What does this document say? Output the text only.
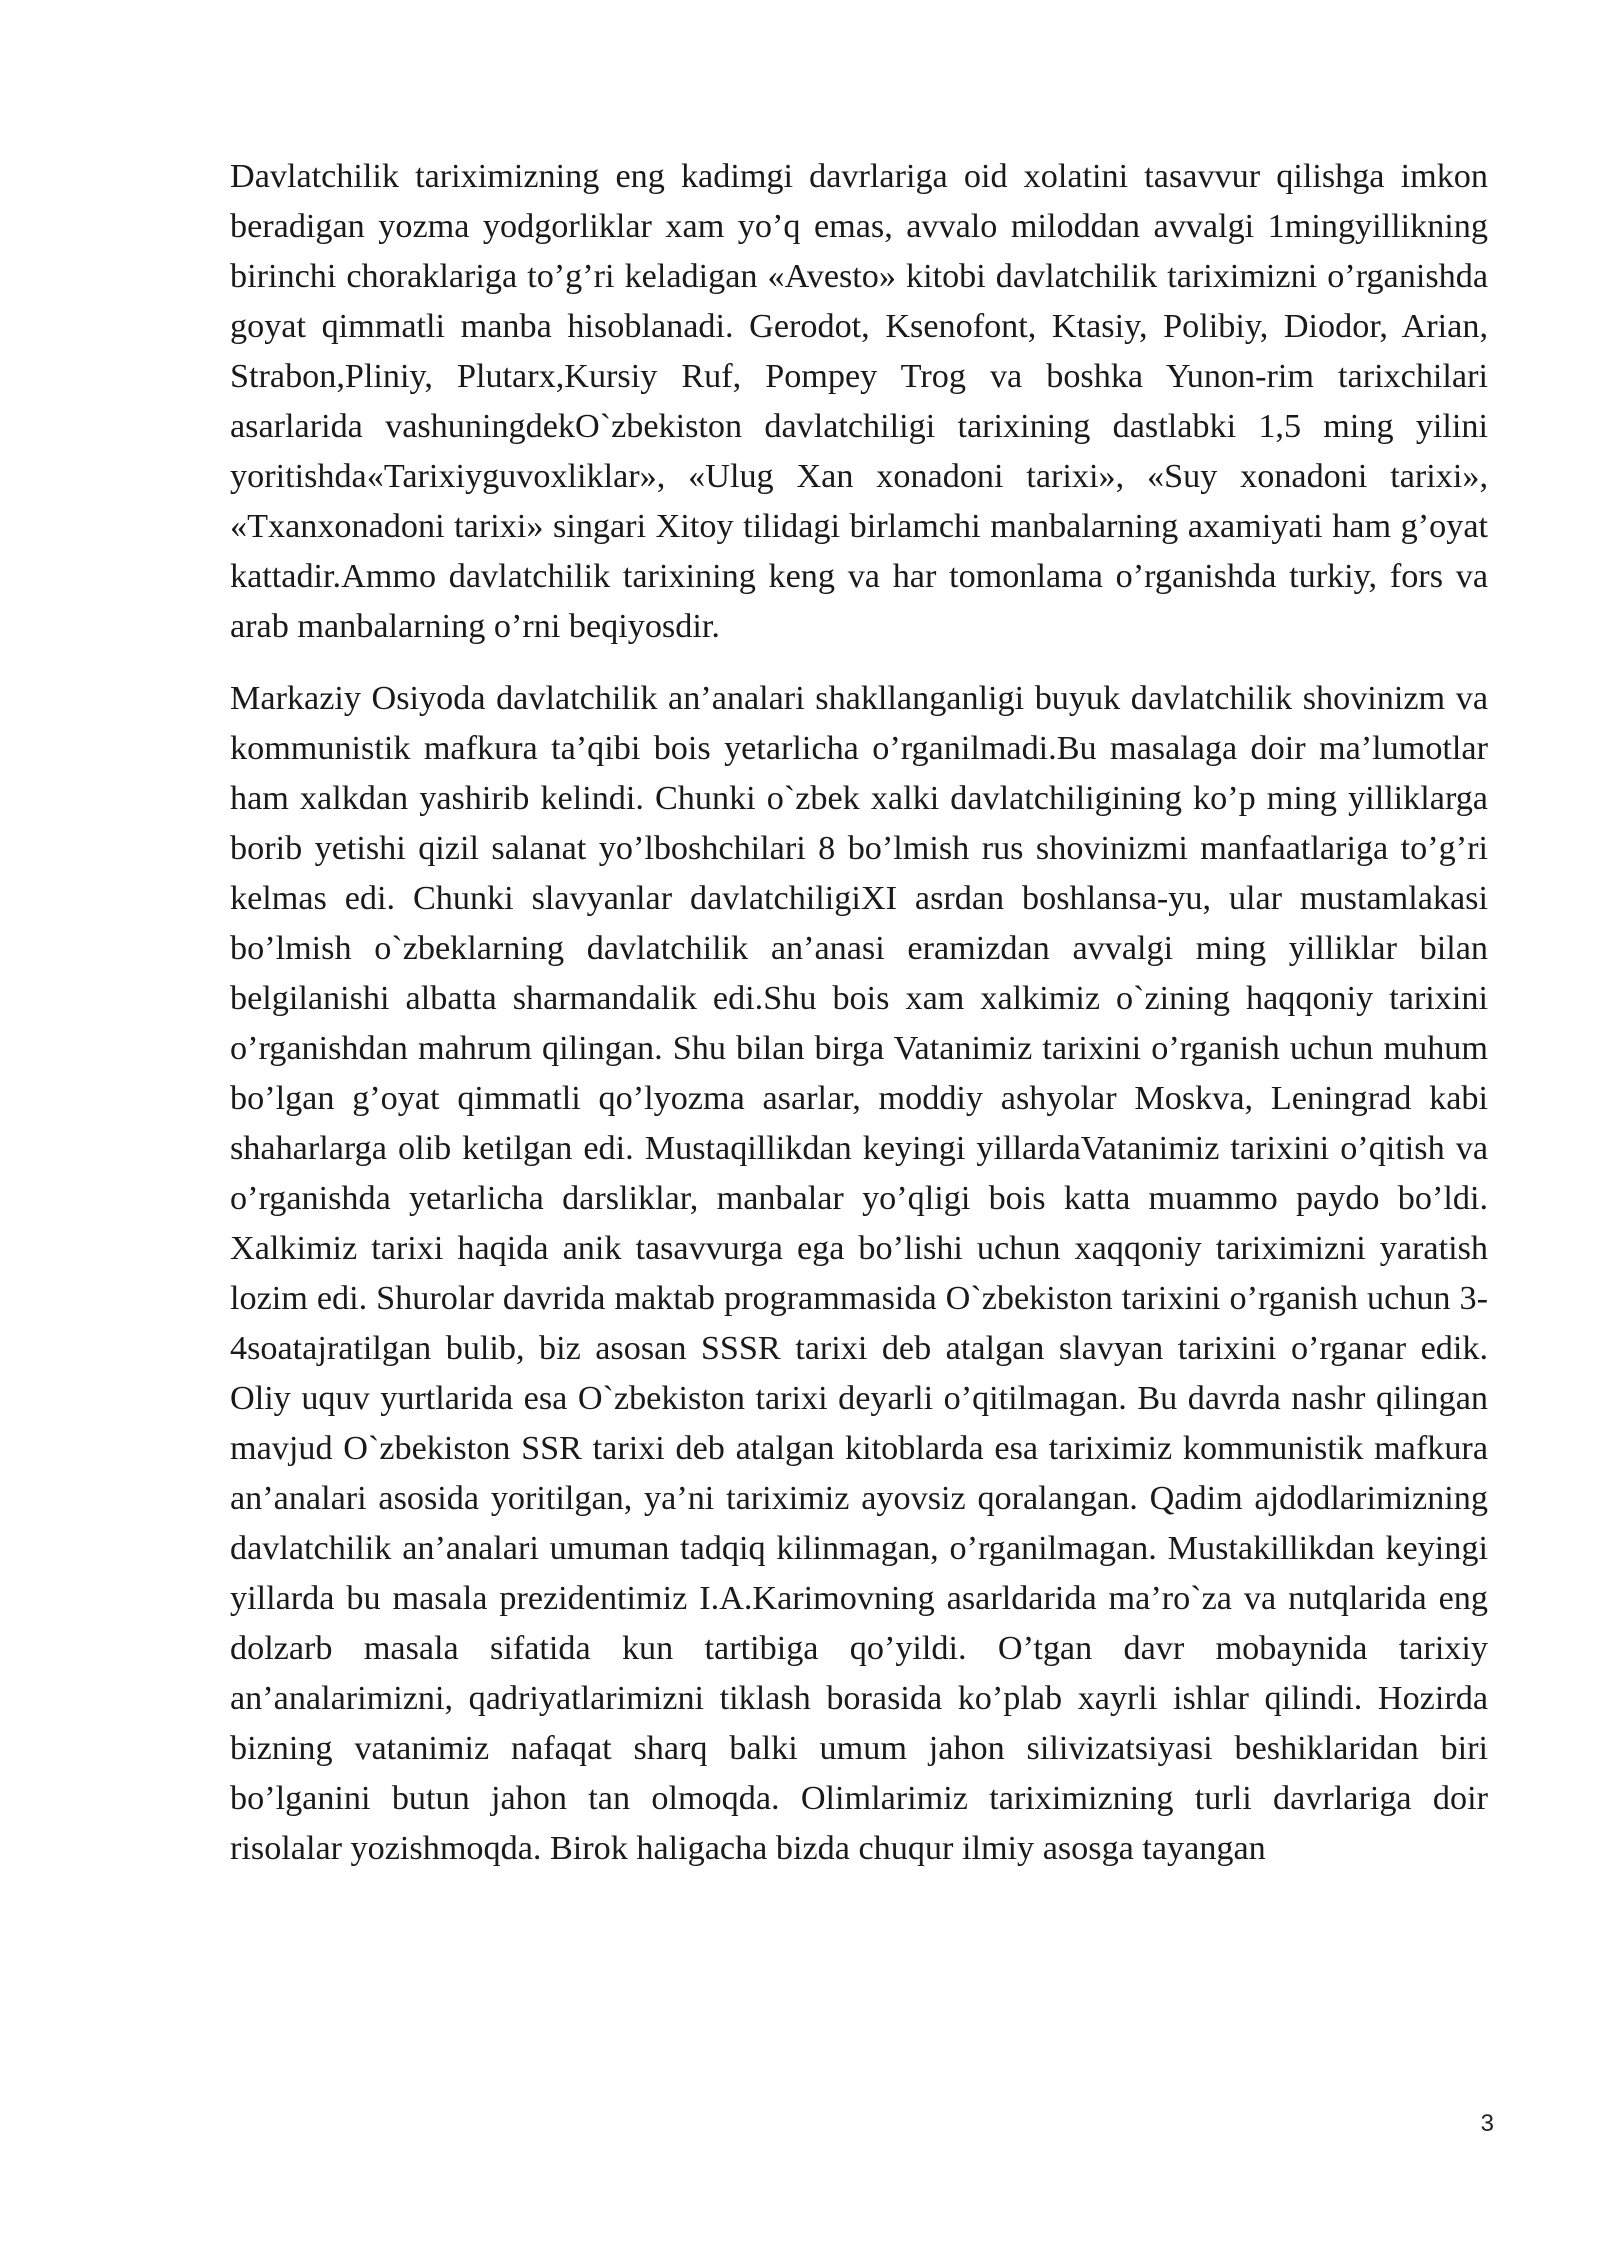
Davlatchilik tariximizning eng kadimgi davrlariga oid xolatini tasavvur qilishga imkon beradigan yozma yodgorliklar xam yo’q emas, avvalo miloddan avvalgi 1mingyillikning birinchi choraklariga to’g’ri keladigan «Avesto» kitobi davlatchilik tariximizni o’rganishda goyat qimmatli manba hisoblanadi. Gerodot, Ksenofont, Ktasiy, Polibiy, Diodor, Arian, Strabon,Pliniy, Plutarx,Kursiy Ruf, Pompey Trog va boshka Yunon-rim tarixchilari asarlarida vashuningdekO`zbekiston davlatchiligi tarixining dastlabki 1,5 ming yilini yoritishda«Tarixiyguvoxliklar», «Ulug Xan xonadoni tarixi», «Suy xonadoni tarixi», «Txanxonadoni tarixi» singari Xitoy tilidagi birlamchi manbalarning axamiyati ham g’oyat kattadir.Ammo davlatchilik tarixining keng va har tomonlama o’rganishda turkiy, fors va arab manbalarning o’rni beqiyosdir.

Markaziy Osiyoda davlatchilik an’analari shakllanganligi buyuk davlatchilik shovinizm va kommunistik mafkura ta’qibi bois yetarlicha o’rganilmadi.Bu masalaga doir ma’lumotlar ham xalkdan yashirib kelindi. Chunki o`zbek xalki davlatchiligining ko’p ming yilliklarga borib yetishi qizil salanat yo’lboshchilari 8 bo’lmish rus shovinizmi manfaatlariga to’g’ri kelmas edi. Chunki slavyanlar davlatchiligiXI asrdan boshlansa-yu, ular mustamlakasi bo’lmish o`zbeklarning davlatchilik an’anasi eramizdan avvalgi ming yilliklar bilan belgilanishi albatta sharmandalik edi.Shu bois xam xalkimiz o`zining haqqoniy tarixini o’rganishdan mahrum qilingan. Shu bilan birga Vatanimiz tarixini o’rganish uchun muhum bo’lgan g’oyat qimmatli qo’lyozma asarlar, moddiy ashyolar Moskva, Leningrad kabi shaharlarga olib ketilgan edi. Mustaqillikdan keyingi yillardaVatanimiz tarixini o’qitish va o’rganishda yetarlicha darsliklar, manbalar yo’qligi bois katta muammo paydo bo’ldi. Xalkimiz tarixi haqida anik tasavvurga ega bo’lishi uchun xaqqoniy tariximizni yaratish lozim edi. Shurolar davrida maktab programmasida O`zbekiston tarixini o’rganish uchun 3-4soatajratilgan bulib, biz asosan SSSR tarixi deb atalgan slavyan tarixini o’rganar edik. Oliy uquv yurtlarida esa O`zbekiston tarixi deyarli o’qitilmagan. Bu davrda nashr qilingan mavjud O`zbekiston SSR tarixi deb atalgan kitoblarda esa tariximiz kommunistik mafkura an’analari asosida yoritilgan, ya’ni tariximiz ayovsiz qoralangan. Qadim ajdodlarimizning davlatchilik an’analari umuman tadqiq kilinmagan, o’rganilmagan. Mustakillikdan keyingi yillarda bu masala prezidentimiz I.A.Karimovning asarldarida ma’ro`za va nutqlarida eng dolzarb masala sifatida kun tartibiga qo’yildi. O’tgan davr mobaynida tarixiy an’analarimizni, qadriyatlarimizni tiklash borasida ko’plab xayrli ishlar qilindi. Hozirda bizning vatanimiz nafaqat sharq balki umum jahon silivizatsiyasi beshiklaridan biri bo’lganini butun jahon tan olmoqda. Olimlarimiz tariximizning turli davrlariga doir risolalar yozishmoqda. Birok haligacha bizda chuqur ilmiy asosga tayangan

3
